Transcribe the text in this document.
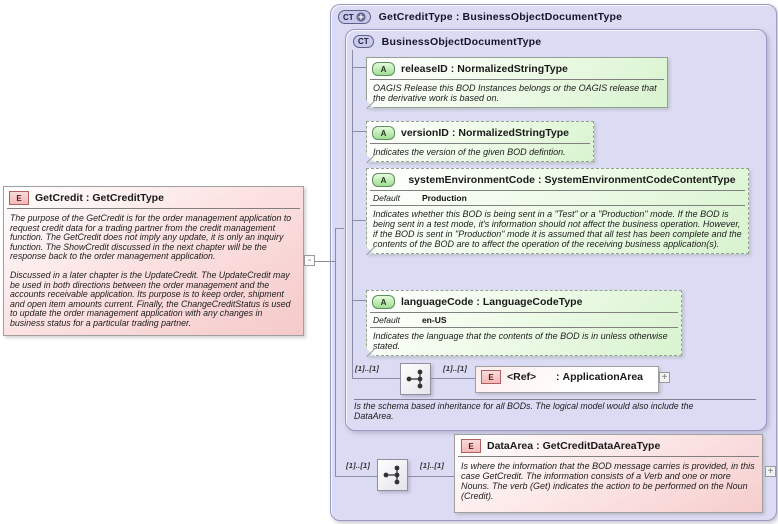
CT GetCreditType : BusinessObjectDocumentType
CT	BusinessObjectDocumentType
A	releaseID : NormalizedStringType
OAGIS Release this BOD Instances belongs or the OAGIS release that the derivative work is based on.
A	versionID : NormalizedStringType
Indicates the version of the given BOD defintion.
A	systemEnvironmentCode : SystemEnvironmentCodeContentType
Default	Production
Indicates whether this BOD is being sent in a "Test" or a "Production" mode. If the BOD is being sent in a test mode, it's information should not affect the business operation. However, if the BOD is sent in "Production" mode it is assumed that all test has been complete and the contents of the BOD are to affect the operation of the receiving business application(s).
A	languageCode : LanguageCodeType
Default	en-US
Indicates the language that the contents of the BOD is in unless otherwise stated.
[1]..[1]	[1]..[1]
E	<Ref> : ApplicationArea +
Is the schema based inheritance for all BODs. The logical model would also include the DataArea.
E	GetCredit : GetCreditType

The purpose of the GetCredit is for the order management application to request credit data for a trading partner from the credit management function. The GetCredit does not imply any update, it is only an inquiry function. The ShowCredit discussed in the next chapter will be the response back to the order management application.

Discussed in a later chapter is the UpdateCredit. The UpdateCredit may be used in both directions between the order management and the accounts receivable application. Its purpose is to keep order, shipment and open item amounts current. Finally, the ChangeCreditStatus is used to update the order management application with any changes in business status for a particular trading partner.

-
[1]..[1]	[1]..[1]
E	DataArea : GetCreditDataAreaType
Is where the information that the BOD message carries is provided, in this case GetCredit. The information consists of a Verb and one or more Nouns. The verb (Get) indicates the action to be performed on the Noun (Credit).
+
